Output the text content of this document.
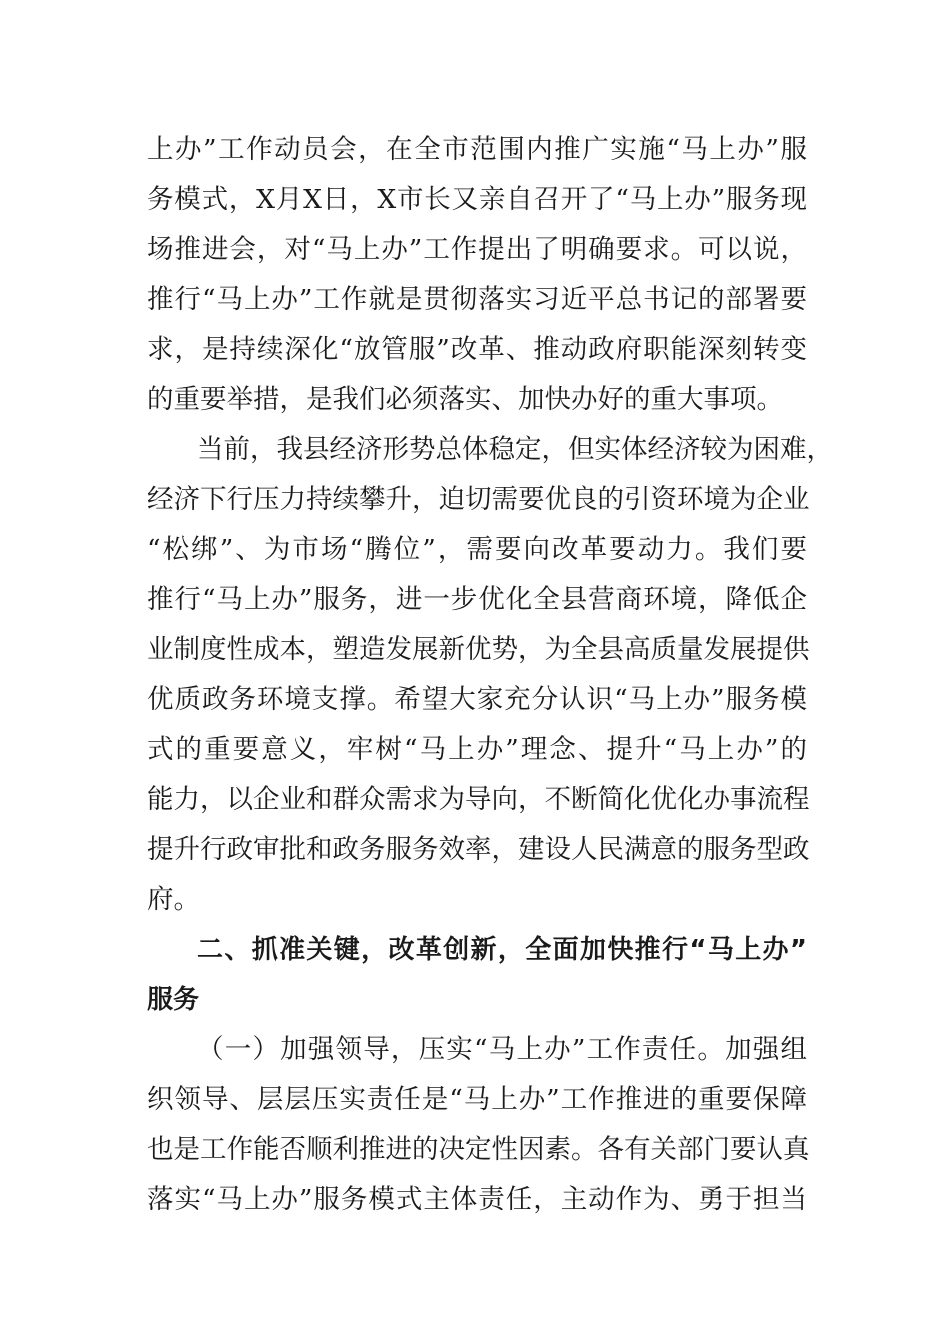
上办”工作动员会，在全市范围内推广实施“马上办”服
务模式，X月X日，X市长又亲自召开了“马上办”服务现
场推进会，对“马上办”工作提出了明确要求。可以说，
推行“马上办”工作就是贯彻落实习近平总书记的部署要
求，是持续深化“放管服”改革、推动政府职能深刻转变
的重要举措，是我们必须落实、加快办好的重大事项。
当前，我县经济形势总体稳定，但实体经济较为困难，
经济下行压力持续攀升，迫切需要优良的引资环境为企业
“松绑”、为市场“腾位”，需要向改革要动力。我们要
推行“马上办”服务，进一步优化全县营商环境，降低企
业制度性成本，塑造发展新优势，为全县高质量发展提供
优质政务环境支撑。希望大家充分认识“马上办”服务模
式的重要意义，牢树“马上办”理念、提升“马上办”的
能力，以企业和群众需求为导向，不断简化优化办事流程
提升行政审批和政务服务效率，建设人民满意的服务型政
府。
二、抓准关键，改革创新，全面加快推行“马上办”
服务
（一）加强领导，压实“马上办”工作责任。加强组
织领导、层层压实责任是“马上办”工作推进的重要保障
也是工作能否顺利推进的决定性因素。各有关部门要认真
落实“马上办”服务模式主体责任，主动作为、勇于担当
